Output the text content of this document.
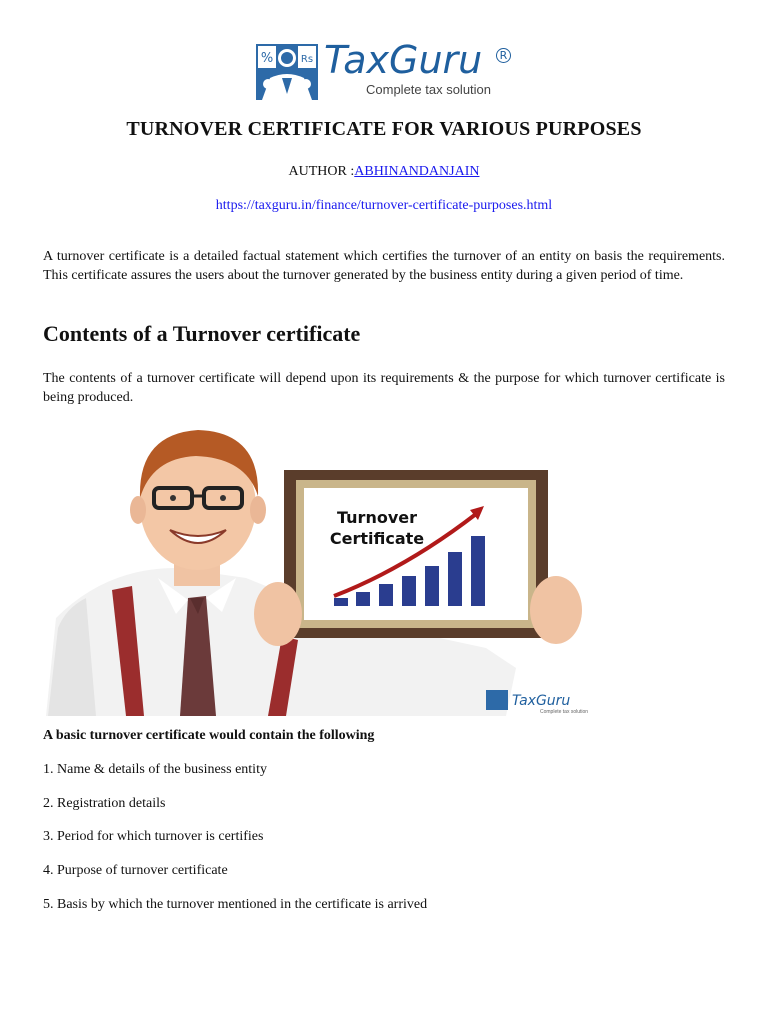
%	Rs TaxGuru	R
Complete tax solution
TURNOVER CERTIFICATE FOR VARIOUS PURPOSES
AUTHOR :ABHINANDANJAIN
https://taxguru.in/finance/turnover-certificate-purposes.html
A turnover certificate is a detailed factual statement which certifies the turnover of an entity on basis the requirements. This certificate assures the users about the turnover generated by the business entity during a given period of time.
Contents of a Turnover certificate
The contents of a turnover certificate will depend upon its requirements & the purpose for which turnover certificate is being produced.
Turnover
Certificate
TaxGuru
Complete tax solution
A basic turnover certificate would contain the following
1. Name & details of the business entity
2. Registration details
3. Period for which turnover is certifies
4. Purpose of turnover certificate
5. Basis by which the turnover mentioned in the certificate is arrived
